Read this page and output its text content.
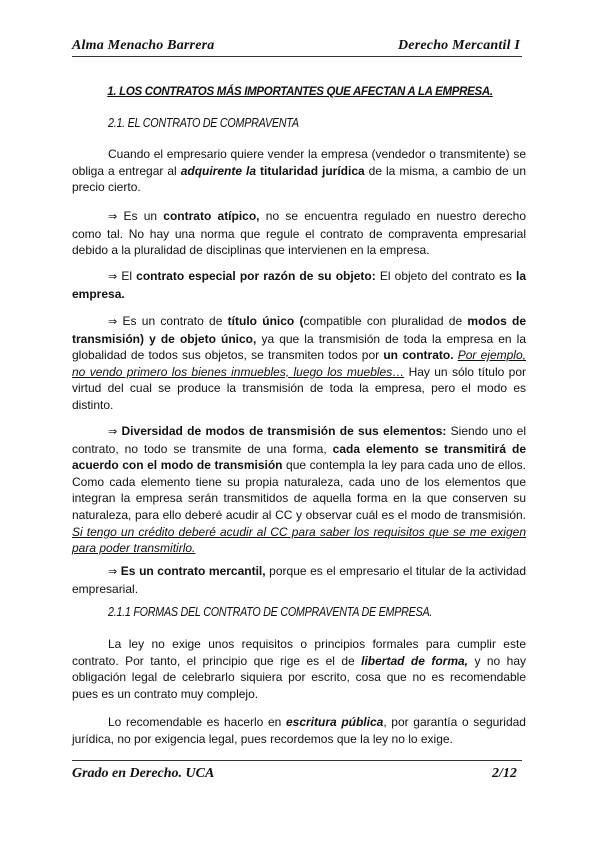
Alma Menacho Barrera	Derecho Mercantil I
1. LOS CONTRATOS MÁS IMPORTANTES QUE AFECTAN A LA EMPRESA.
2.1. EL CONTRATO DE COMPRAVENTA

Cuando el empresario quiere vender la empresa (vendedor o transmitente) se obliga a entregar al adquirente la titularidad jurídica de la misma, a cambio de un precio cierto.

⇒ Es un contrato atípico, no se encuentra regulado en nuestro derecho como tal. No hay una norma que regule el contrato de compraventa empresarial debido a la pluralidad de disciplinas que intervienen en la empresa.

⇒ El contrato especial por razón de su objeto: El objeto del contrato es la empresa.

⇒ Es un contrato de título único (compatible con pluralidad de modos de transmisión) y de objeto único, ya que la transmisión de toda la empresa en la globalidad de todos sus objetos, se transmiten todos por un contrato. Por ejemplo, no vendo primero los bienes inmuebles, luego los muebles… Hay un sólo título por virtud del cual se produce la transmisión de toda la empresa, pero el modo es distinto.

⇒ Diversidad de modos de transmisión de sus elementos: Siendo uno el contrato, no todo se transmite de una forma, cada elemento se transmitirá de acuerdo con el modo de transmisión que contempla la ley para cada uno de ellos. Como cada elemento tiene su propia naturaleza, cada uno de los elementos que integran la empresa serán transmitidos de aquella forma en la que conserven su naturaleza, para ello deberé acudir al CC y observar cuál es el modo de transmisión. Si tengo un crédito deberé acudir al CC para saber los requisitos que se me exigen para poder transmitirlo.

⇒ Es un contrato mercantil, porque es el empresario el titular de la actividad empresarial.

2.1.1 FORMAS DEL CONTRATO DE COMPRAVENTA DE EMPRESA.

La ley no exige unos requisitos o principios formales para cumplir este contrato. Por tanto, el principio que rige es el de libertad de forma, y no hay obligación legal de celebrarlo siquiera por escrito, cosa que no es recomendable pues es un contrato muy complejo.

Lo recomendable es hacerlo en escritura pública, por garantía o seguridad jurídica, no por exigencia legal, pues recordemos que la ley no lo exige.

Grado en Derecho. UCA	2/12
